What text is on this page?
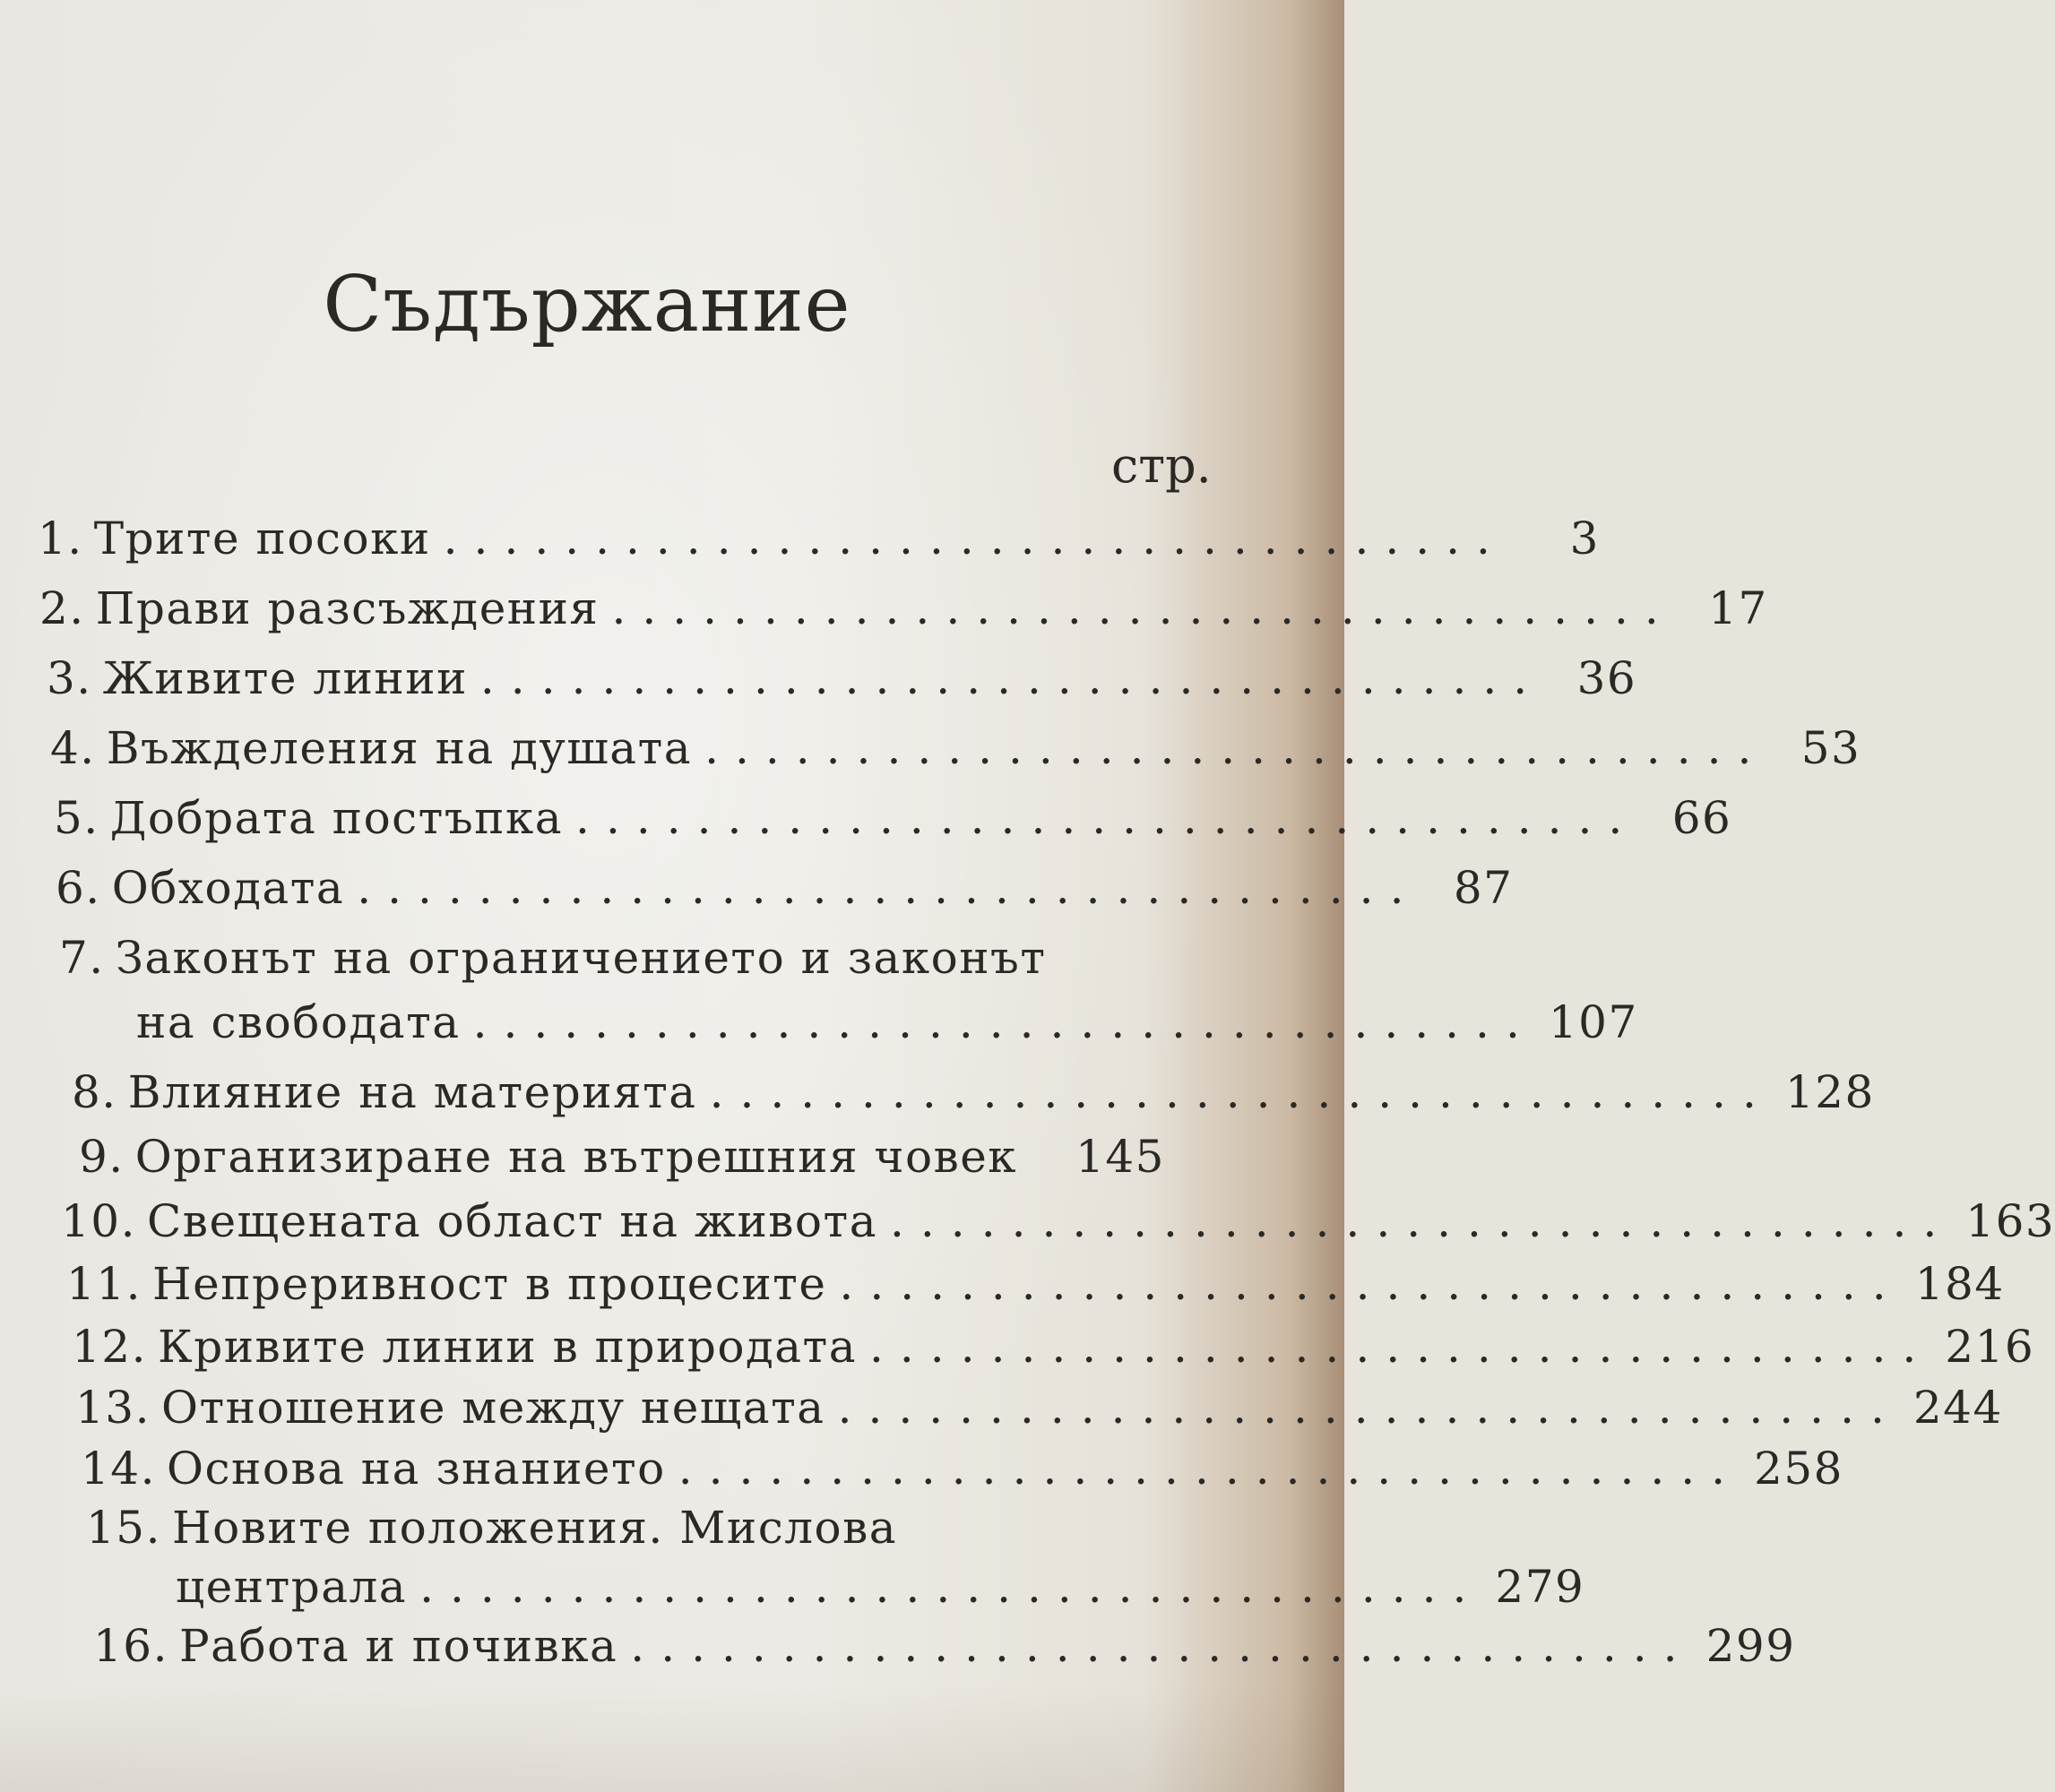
Съдържание
стр.
1. Трите посоки ...................................	3
2. Прави разсъждения ................................... 17
3. Живите линии ................................... 36
4. Въжделения на душата ................................... 53
5. Добрата постъпка ................................... 66
6. Обходата ................................... 87
7. Законът на ограничението и законът
на свободата ................................... 107
8. Влияние на материята ................................... 128
9. Организиране на вътрешния човек 145
10. Свещената област на живота ................................... 163
11. Непреривност в процесите ................................... 184
12. Кривите линии в природата ................................... 216
13. Отношение между нещата ................................... 244
14. Основа на знанието ................................... 258
15. Новите положения. Мислова
централа ................................... 279
16. Работа и почивка ................................... 299
